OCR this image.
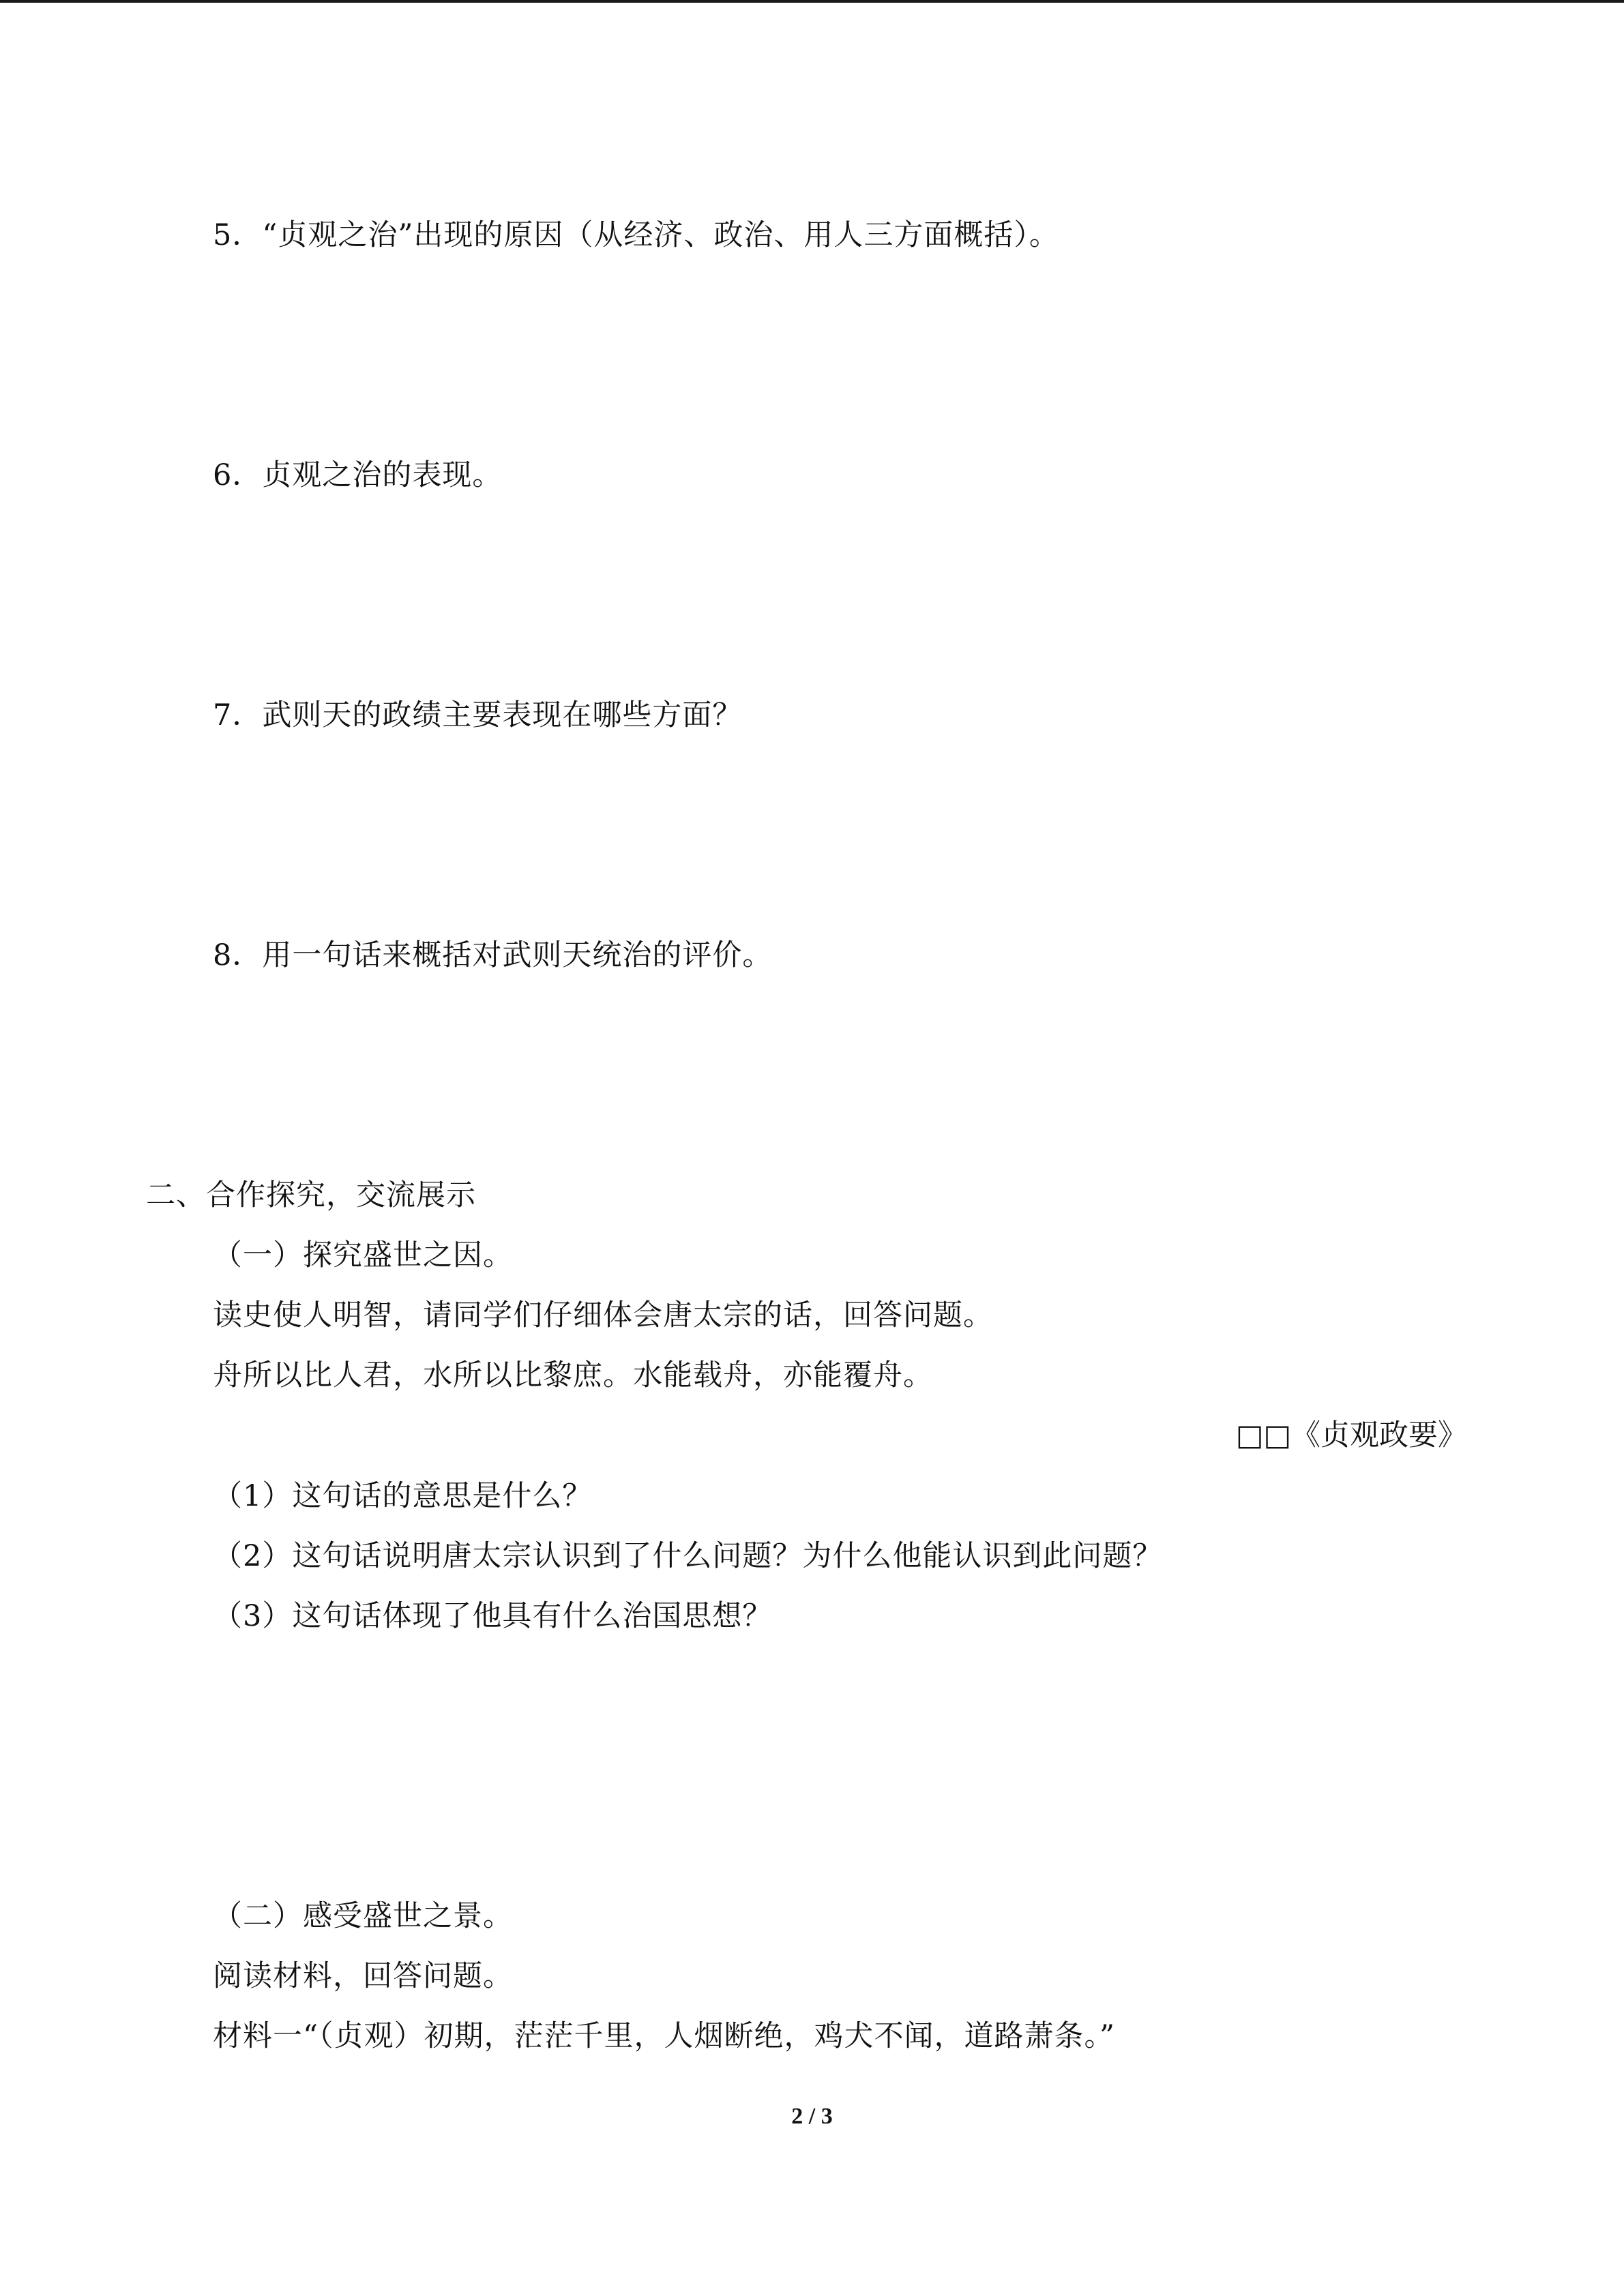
5．“贞观之治”出现的原因（从经济、政治、用人三方面概括）。
6．贞观之治的表现。
7．武则天的政绩主要表现在哪些方面？
8．用一句话来概括对武则天统治的评价。
二、合作探究，交流展示
（一）探究盛世之因。
读史使人明智，请同学们仔细体会唐太宗的话，回答问题。
舟所以比人君，水所以比黎庶。水能载舟，亦能覆舟。
□□《贞观政要》
（1）这句话的意思是什么？
（2）这句话说明唐太宗认识到了什么问题？为什么他能认识到此问题？
（3）这句话体现了他具有什么治国思想？
（二）感受盛世之景。
阅读材料，回答问题。
材料一“（贞观）初期，茫茫千里，人烟断绝，鸡犬不闻，道路萧条。”
2 / 3
